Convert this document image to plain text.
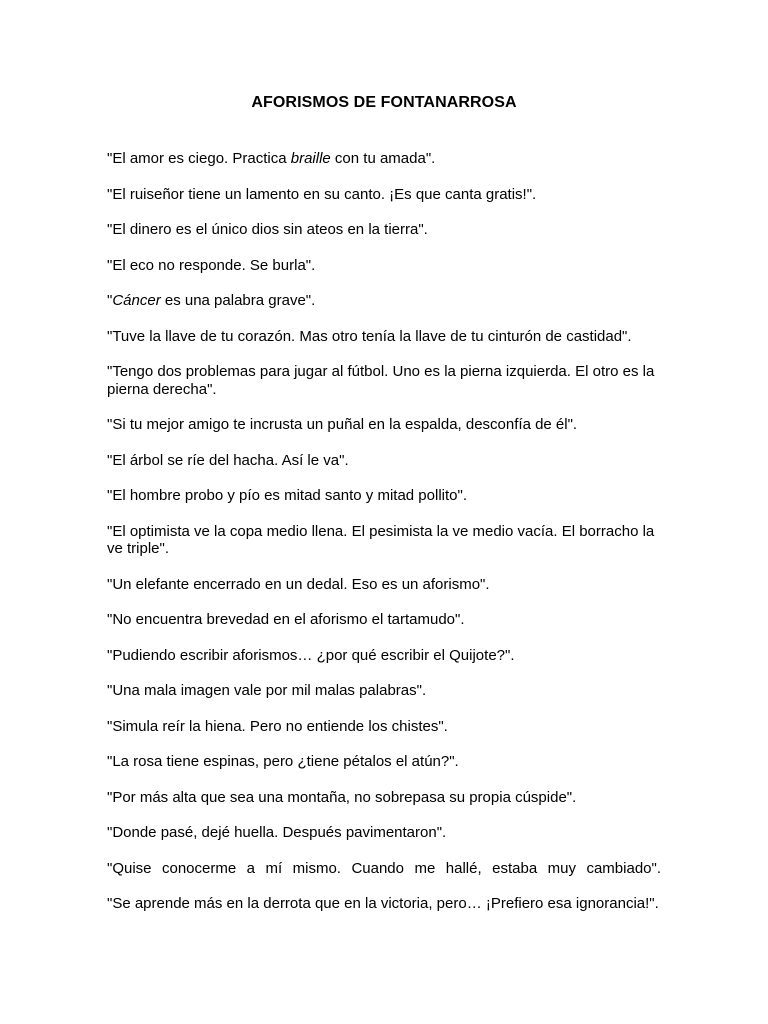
AFORISMOS DE FONTANARROSA

"El amor es ciego. Practica braille con tu amada".

"El ruiseñor tiene un lamento en su canto. ¡Es que canta gratis!".

"El dinero es el único dios sin ateos en la tierra".

"El eco no responde. Se burla".

"Cáncer es una palabra grave".

"Tuve la llave de tu corazón. Mas otro tenía la llave de tu cinturón de castidad".

"Tengo dos problemas para jugar al fútbol. Uno es la pierna izquierda. El otro es la pierna derecha".

"Si tu mejor amigo te incrusta un puñal en la espalda, desconfía de él".

"El árbol se ríe del hacha. Así le va".

"El hombre probo y pío es mitad santo y mitad pollito".

"El optimista ve la copa medio llena. El pesimista la ve medio vacía. El borracho la ve triple".

"Un elefante encerrado en un dedal. Eso es un aforismo".

"No encuentra brevedad en el aforismo el tartamudo".

"Pudiendo escribir aforismos… ¿por qué escribir el Quijote?".

"Una mala imagen vale por mil malas palabras".

"Simula reír la hiena. Pero no entiende los chistes".

"La rosa tiene espinas, pero ¿tiene pétalos el atún?".

"Por más alta que sea una montaña, no sobrepasa su propia cúspide".

"Donde pasé, dejé huella. Después pavimentaron".

"Quise conocerme a mí mismo. Cuando me hallé, estaba muy cambiado".

"Se aprende más en la derrota que en la victoria, pero… ¡Prefiero esa ignorancia!".
